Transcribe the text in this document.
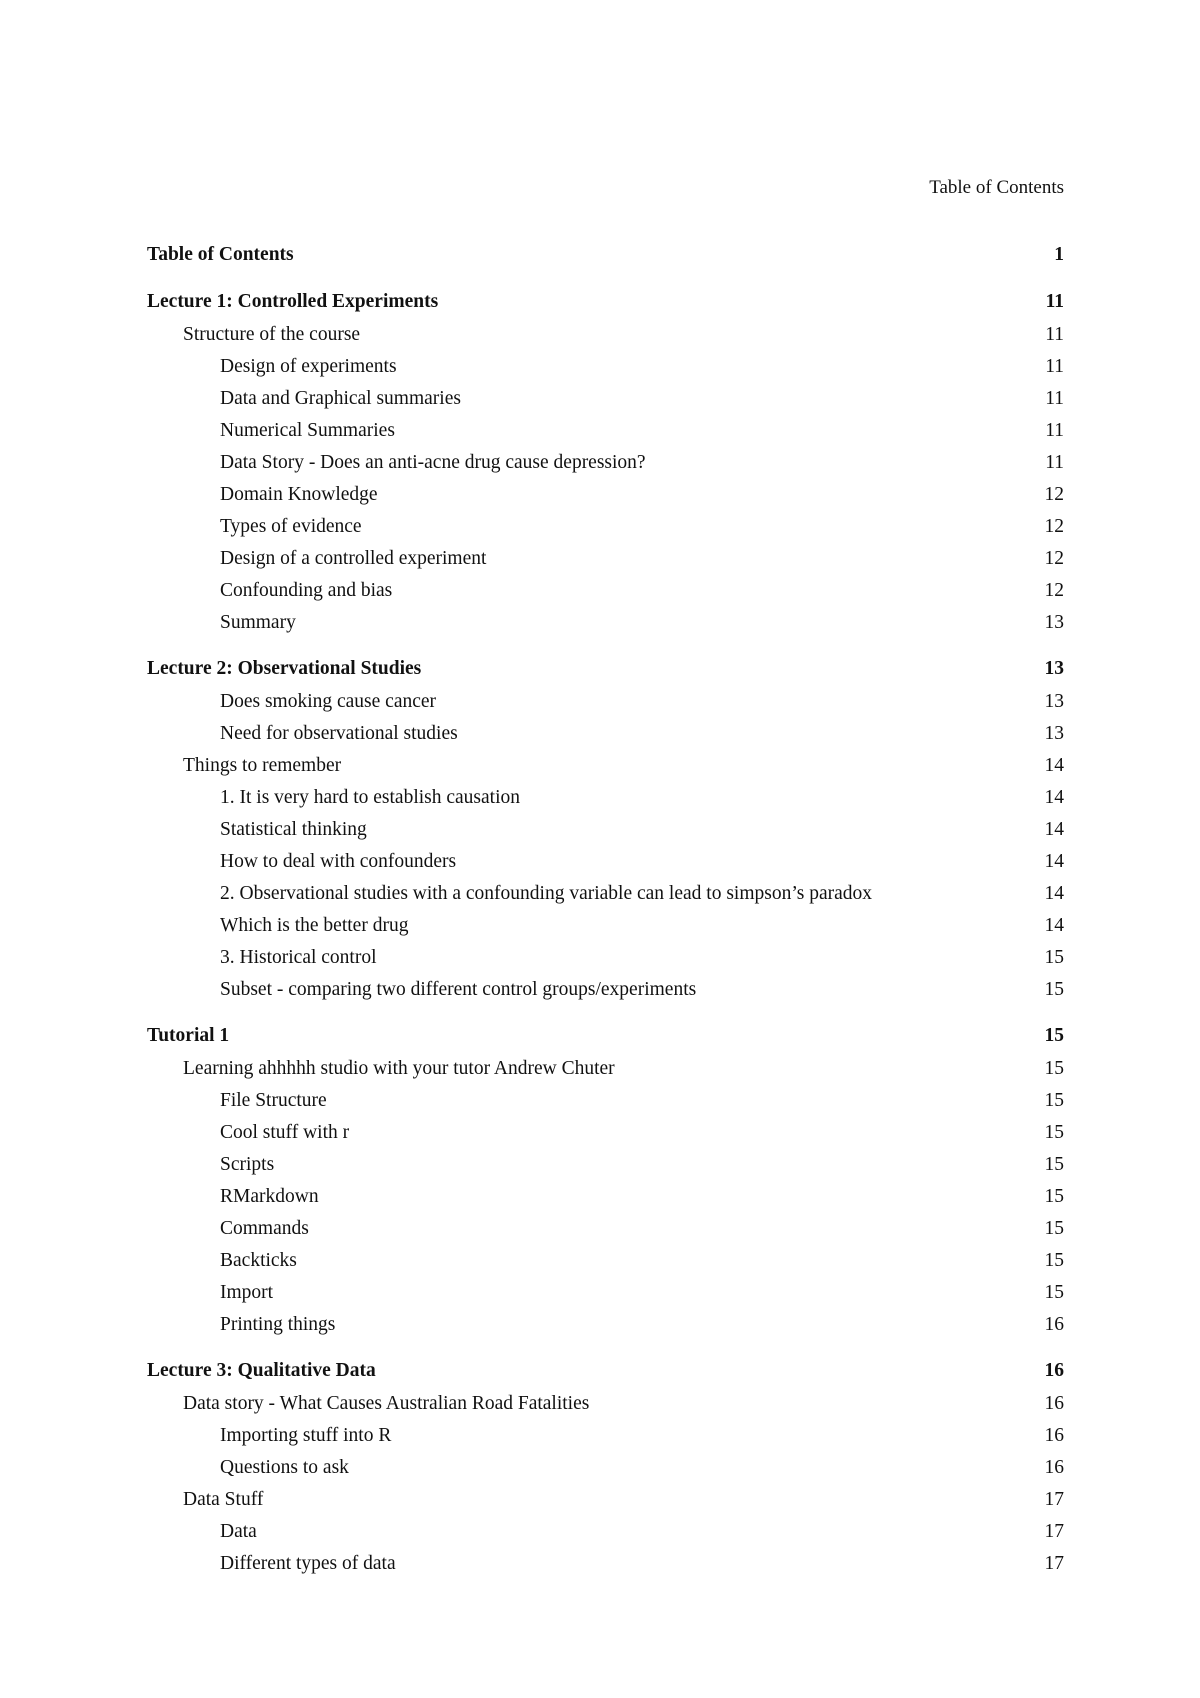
Table of Contents
Table of Contents	1
Lecture 1: Controlled Experiments	11
Structure of the course	11
Design of experiments	11
Data and Graphical summaries	11
Numerical Summaries	11
Data Story - Does an anti-acne drug cause depression?	11
Domain Knowledge	12
Types of evidence	12
Design of a controlled experiment	12
Confounding and bias	12
Summary	13
Lecture 2: Observational Studies	13
Does smoking cause cancer	13
Need for observational studies	13
Things to remember	14
1. It is very hard to establish causation	14
Statistical thinking	14
How to deal with confounders	14
2. Observational studies with a confounding variable can lead to simpson’s paradox	14
Which is the better drug	14
3. Historical control	15
Subset - comparing two different control groups/experiments	15
Tutorial 1	15
Learning ahhhhh studio with your tutor Andrew Chuter	15
File Structure	15
Cool stuff with r	15
Scripts	15
RMarkdown	15
Commands	15
Backticks	15
Import	15
Printing things	16
Lecture 3: Qualitative Data	16
Data story - What Causes Australian Road Fatalities	16
Importing stuff into R	16
Questions to ask	16
Data Stuff	17
Data	17
Different types of data	17
